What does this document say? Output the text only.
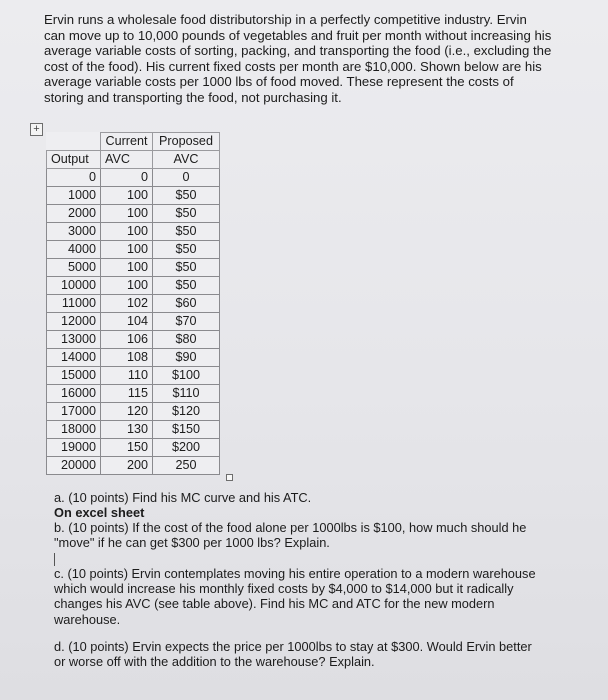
Ervin runs a wholesale food distributorship in a perfectly competitive industry. Ervin

can move up to 10,000 pounds of vegetables and fruit per month without increasing his

average variable costs of sorting, packing, and transporting the food (i.e., excluding the

cost of the food). His current fixed costs per month are $10,000. Shown below are his

average variable costs per 1000 lbs of food moved. These represent the costs of

storing and transporting the food, not purchasing it.

+
	Current	Proposed
Output	AVC	AVC
0	0	0
1000	100	$50
2000	100	$50
3000	100	$50
4000	100	$50
5000	100	$50
10000	100	$50
11000	102	$60
12000	104	$70
13000	106	$80
14000	108	$90
15000	110	$100
16000	115	$110
17000	120	$120
18000	130	$150
19000	150	$200
20000	200	250

a. (10 points) Find his MC curve and his ATC.

On excel sheet

b. (10 points) If the cost of the food alone per 1000lbs is $100, how much should he

"move" if he can get $300 per 1000 lbs? Explain.

c. (10 points) Ervin contemplates moving his entire operation to a modern warehouse

which would increase his monthly fixed costs by $4,000 to $14,000 but it radically

changes his AVC (see table above). Find his MC and ATC for the new modern

warehouse.

d. (10 points) Ervin expects the price per 1000lbs to stay at $300. Would Ervin better

or worse off with the addition to the warehouse? Explain.
